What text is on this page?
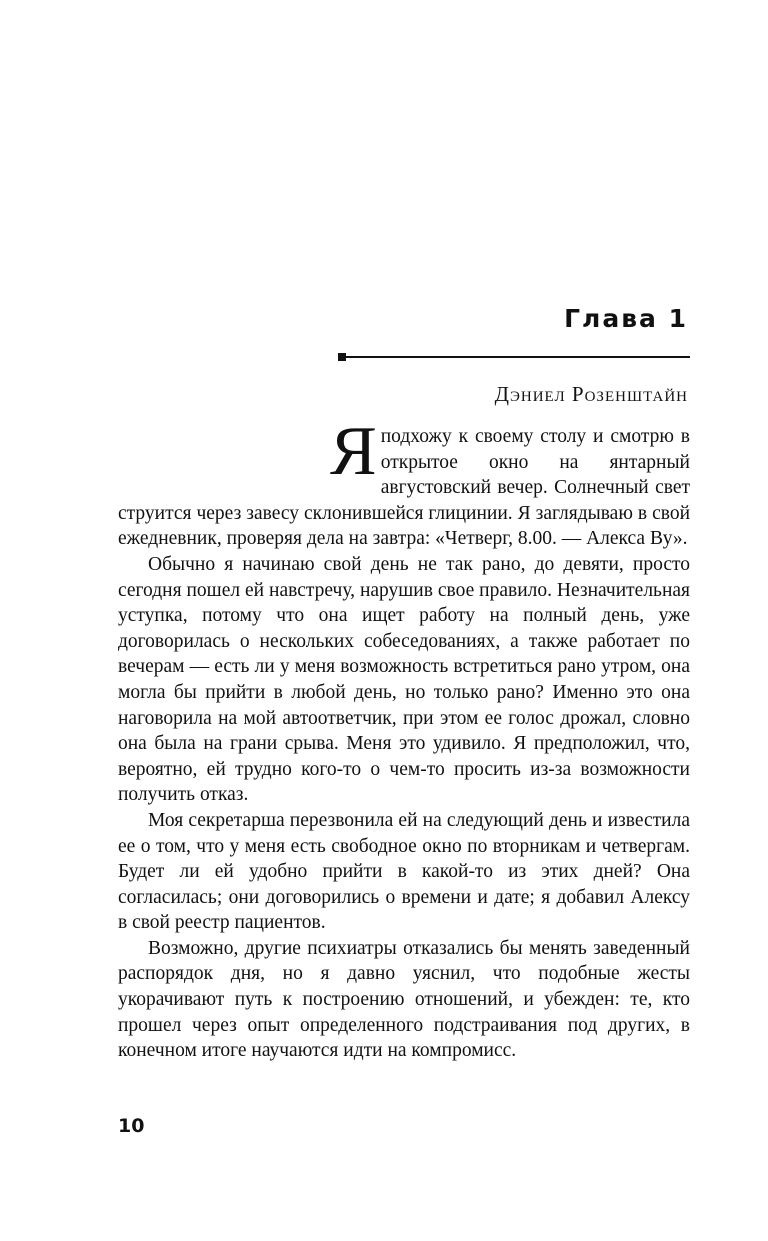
Глава 1
Дэниел Розенштайн

Яподхожу к своему столу и смотрю в открытое окно на янтарный августовский вечер. Солнечный свет струится через завесу склонившейся глицинии. Я заглядываю в свой ежедневник, проверяя дела на завтра: «Четверг, 8.00. — Алекса Ву».

Обычно я начинаю свой день не так рано, до девяти, просто сегодня пошел ей навстречу, нарушив свое правило. Незначительная уступка, потому что она ищет работу на полный день, уже договорилась о нескольких собеседованиях, а также работает по вечерам — есть ли у меня возможность встретиться рано утром, она могла бы прийти в любой день, но только рано? Именно это она наговорила на мой автоответчик, при этом ее голос дрожал, словно она была на грани срыва. Меня это удивило. Я предположил, что, вероятно, ей трудно кого-то о чем-то просить из-за возможности получить отказ.

Моя секретарша перезвонила ей на следующий день и известила ее о том, что у меня есть свободное окно по вторникам и четвергам. Будет ли ей удобно прийти в какой-то из этих дней? Она согласилась; они договорились о времени и дате; я добавил Алексу в свой реестр пациентов.

Возможно, другие психиатры отказались бы менять заведенный распорядок дня, но я давно уяснил, что подобные жесты укорачивают путь к построению отношений, и убежден: те, кто прошел через опыт определенного подстраивания под других, в конечном итоге научаются идти на компромисс.

10
